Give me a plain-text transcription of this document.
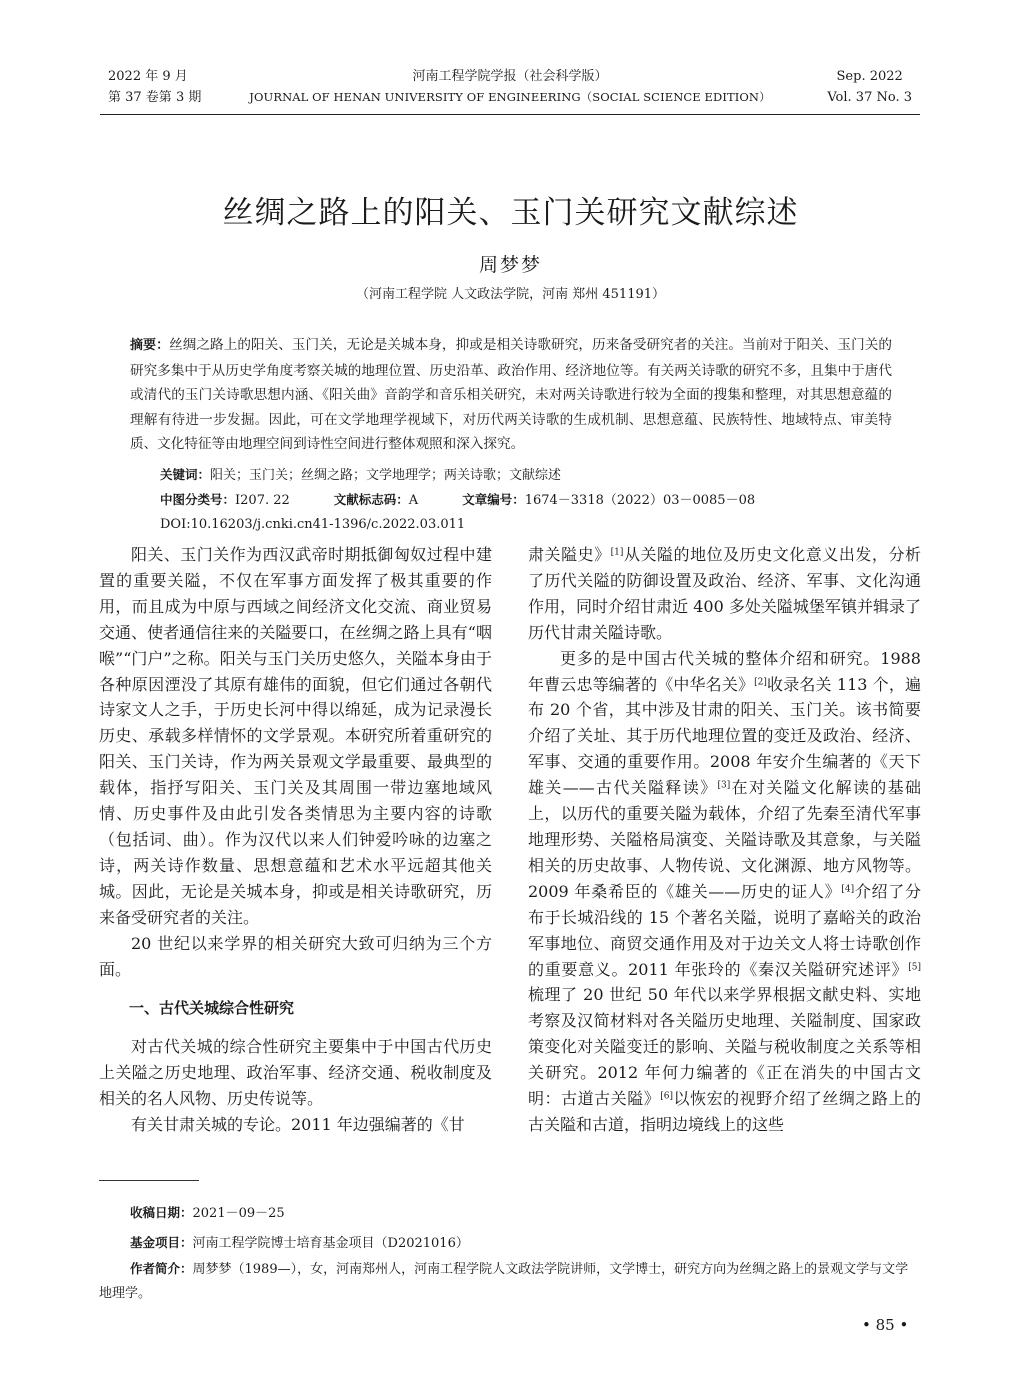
2022 年 9 月
第 37 卷第 3 期
河南工程学院学报（社会科学版）
JOURNAL OF HENAN UNIVERSITY OF ENGINEERING（SOCIAL SCIENCE EDITION）
Sep. 2022
Vol. 37 No. 3
丝绸之路上的阳关、玉门关研究文献综述
周梦梦
（河南工程学院 人文政法学院，河南 郑州 451191）
摘要：丝绸之路上的阳关、玉门关，无论是关城本身，抑或是相关诗歌研究，历来备受研究者的关注。当前对于阳关、玉门关的研究多集中于从历史学角度考察关城的地理位置、历史沿革、政治作用、经济地位等。有关两关诗歌的研究不多，且集中于唐代或清代的玉门关诗歌思想内涵、《阳关曲》音韵学和音乐相关研究，未对两关诗歌进行较为全面的搜集和整理，对其思想意蕴的理解有待进一步发掘。因此，可在文学地理学视域下，对历代两关诗歌的生成机制、思想意蕴、民族特性、地域特点、审美特质、文化特征等由地理空间到诗性空间进行整体观照和深入探究。
关键词：阳关；玉门关；丝绸之路；文学地理学；两关诗歌；文献综述
中图分类号：I207. 22	文献标志码：A	文章编号：1674－3318（2022）03－0085－08
DOI:10.16203/j.cnki.cn41-1396/c.2022.03.011

阳关、玉门关作为西汉武帝时期抵御匈奴过程中建置的重要关隘，不仅在军事方面发挥了极其重要的作用，而且成为中原与西域之间经济文化交流、商业贸易交通、使者通信往来的关隘要口，在丝绸之路上具有“咽喉”“门户”之称。阳关与玉门关历史悠久，关隘本身由于各种原因湮没了其原有雄伟的面貌，但它们通过各朝代诗家文人之手，于历史长河中得以绵延，成为记录漫长历史、承载多样情怀的文学景观。本研究所着重研究的阳关、玉门关诗，作为两关景观文学最重要、最典型的载体，指抒写阳关、玉门关及其周围一带边塞地域风情、历史事件及由此引发各类情思为主要内容的诗歌（包括词、曲）。作为汉代以来人们钟爱吟咏的边塞之诗，两关诗作数量、思想意蕴和艺术水平远超其他关城。因此，无论是关城本身，抑或是相关诗歌研究，历来备受研究者的关注。

20 世纪以来学界的相关研究大致可归纳为三个方面。

一、古代关城综合性研究

对古代关城的综合性研究主要集中于中国古代历史上关隘之历史地理、政治军事、经济交通、税收制度及相关的名人风物、历史传说等。

有关甘肃关城的专论。2011 年边强编著的《甘

肃关隘史》[1]从关隘的地位及历史文化意义出发，分析了历代关隘的防御设置及政治、经济、军事、文化沟通作用，同时介绍甘肃近 400 多处关隘城堡军镇并辑录了历代甘肃关隘诗歌。

更多的是中国古代关城的整体介绍和研究。1988 年曹云忠等编著的《中华名关》[2]收录名关 113 个，遍布 20 个省，其中涉及甘肃的阳关、玉门关。该书简要介绍了关址、其于历代地理位置的变迁及政治、经济、军事、交通的重要作用。2008 年安介生编著的《天下雄关——古代关隘释读》[3]在对关隘文化解读的基础上，以历代的重要关隘为载体，介绍了先秦至清代军事地理形势、关隘格局演变、关隘诗歌及其意象，与关隘相关的历史故事、人物传说、文化渊源、地方风物等。2009 年桑希臣的《雄关——历史的证人》[4]介绍了分布于长城沿线的 15 个著名关隘，说明了嘉峪关的政治军事地位、商贸交通作用及对于边关文人将士诗歌创作的重要意义。2011 年张玲的《秦汉关隘研究述评》[5]梳理了 20 世纪 50 年代以来学界根据文献史料、实地考察及汉简材料对各关隘历史地理、关隘制度、国家政策变化对关隘变迁的影响、关隘与税收制度之关系等相关研究。2012 年何力编著的《正在消失的中国古文明：古道古关隘》[6]以恢宏的视野介绍了丝绸之路上的古关隘和古道，指明边境线上的这些

收稿日期：2021－09－25
基金项目：河南工程学院博士培育基金项目（D2021016）
作者简介：周梦梦（1989—），女，河南郑州人，河南工程学院人文政法学院讲师，文学博士，研究方向为丝绸之路上的景观文学与文学地理学。
• 85 •
